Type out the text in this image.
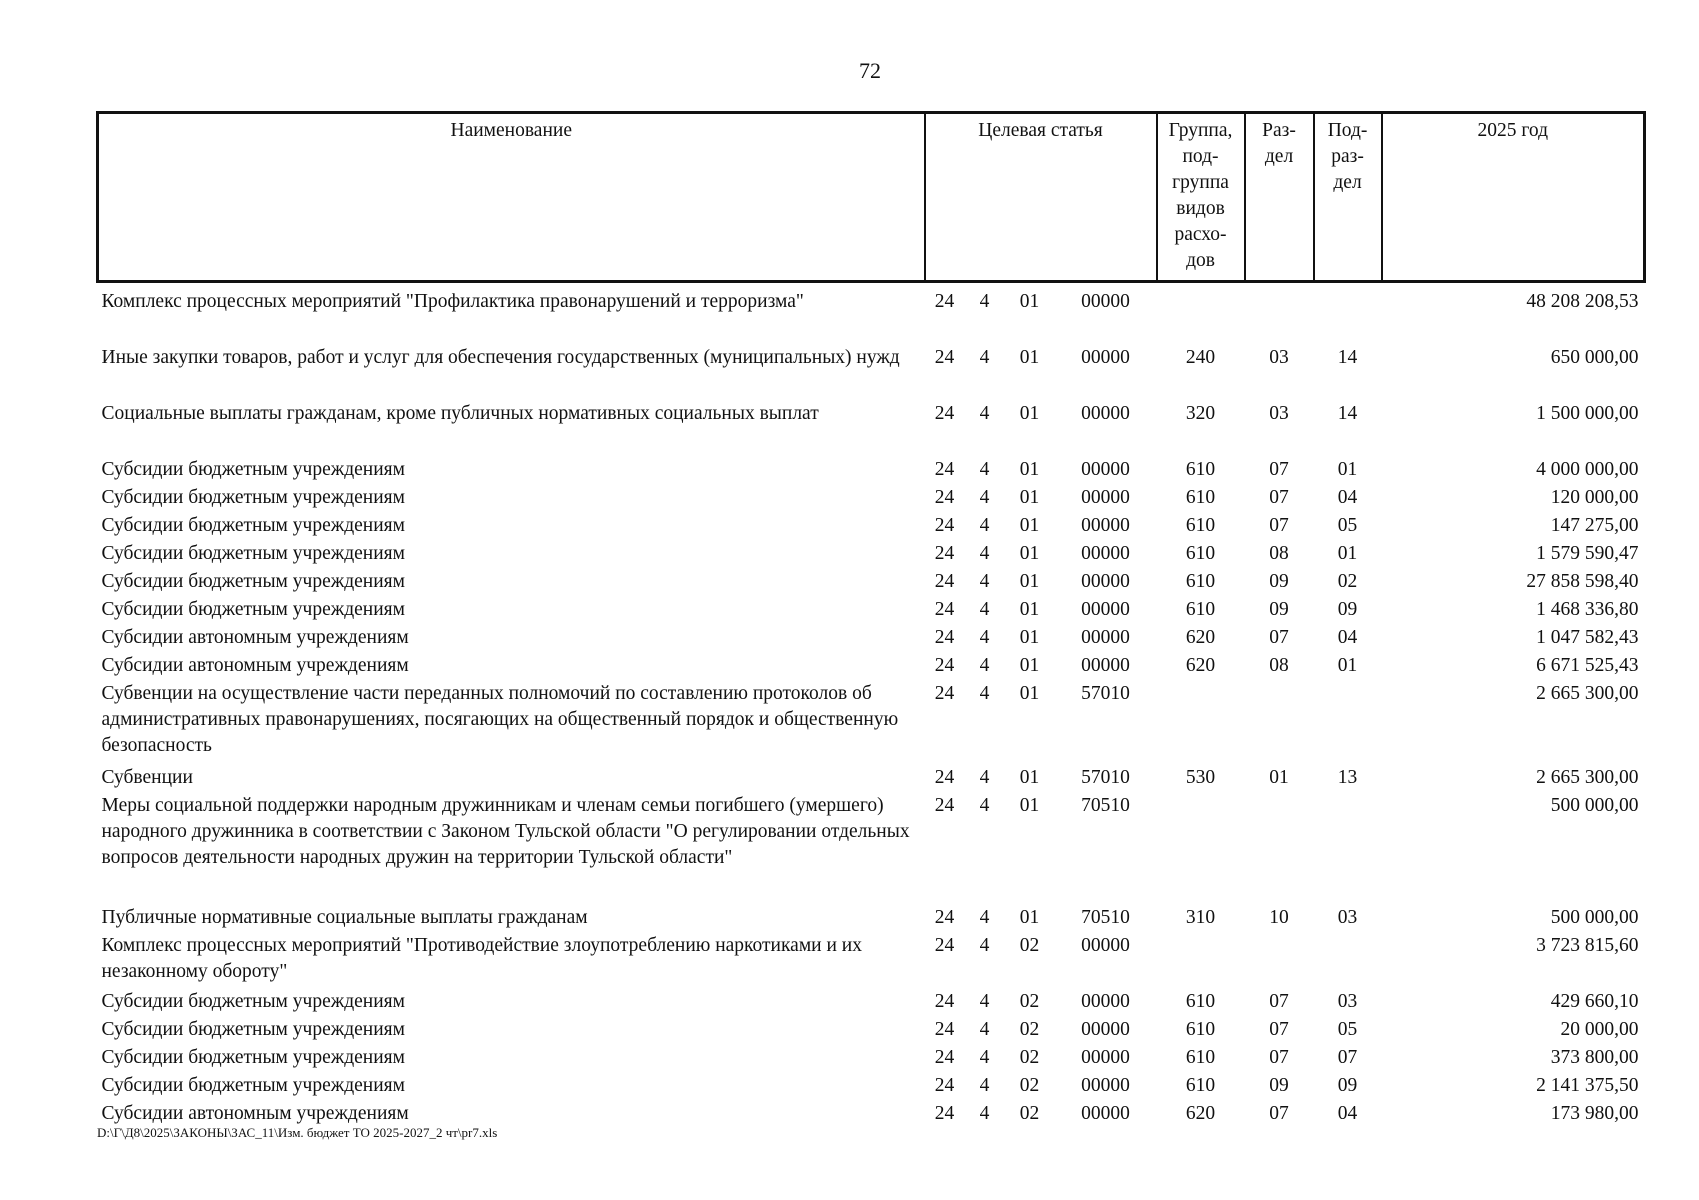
72
Наименование	Целевая статья				Группа, под-группа видов расхо-дов	Раз-дел	Под-раз-дел	2025 год
Комплекс процессных мероприятий "Профилактика правонарушений и терроризма"	24	4	01	00000				48 208 208,53
Иные закупки товаров, работ и услуг для обеспечения государственных (муниципальных) нужд	24	4	01	00000	240	03	14	650 000,00
Социальные выплаты гражданам, кроме публичных нормативных социальных выплат	24	4	01	00000	320	03	14	1 500 000,00
Субсидии бюджетным учреждениям	24	4	01	00000	610	07	01	4 000 000,00
Субсидии бюджетным учреждениям	24	4	01	00000	610	07	04	120 000,00
Субсидии бюджетным учреждениям	24	4	01	00000	610	07	05	147 275,00
Субсидии бюджетным учреждениям	24	4	01	00000	610	08	01	1 579 590,47
Субсидии бюджетным учреждениям	24	4	01	00000	610	09	02	27 858 598,40
Субсидии бюджетным учреждениям	24	4	01	00000	610	09	09	1 468 336,80
Субсидии автономным учреждениям	24	4	01	00000	620	07	04	1 047 582,43
Субсидии автономным учреждениям	24	4	01	00000	620	08	01	6 671 525,43
Субвенции на осуществление части переданных полномочий по составлению протоколов об административных правонарушениях, посягающих на общественный порядок и общественную безопасность	24	4	01	57010				2 665 300,00
Субвенции	24	4	01	57010	530	01	13	2 665 300,00
Меры социальной поддержки народным дружинникам и членам семьи погибшего (умершего) народного дружинника в соответствии с Законом Тульской области "О регулировании отдельных вопросов деятельности народных дружин на территории Тульской области"	24	4	01	70510				500 000,00
Публичные нормативные социальные выплаты гражданам	24	4	01	70510	310	10	03	500 000,00
Комплекс процессных мероприятий "Противодействие злоупотреблению наркотиками и их незаконному обороту"	24	4	02	00000				3 723 815,60
Субсидии бюджетным учреждениям	24	4	02	00000	610	07	03	429 660,10
Субсидии бюджетным учреждениям	24	4	02	00000	610	07	05	20 000,00
Субсидии бюджетным учреждениям	24	4	02	00000	610	07	07	373 800,00
Субсидии бюджетным учреждениям	24	4	02	00000	610	09	09	2 141 375,50
Субсидии автономным учреждениям	24	4	02	00000	620	07	04	173 980,00
D:\Г\Д8\2025\ЗАКОНЫ\ЗАС_11\Изм. бюджет ТО 2025-2027_2 чт\pr7.xls
